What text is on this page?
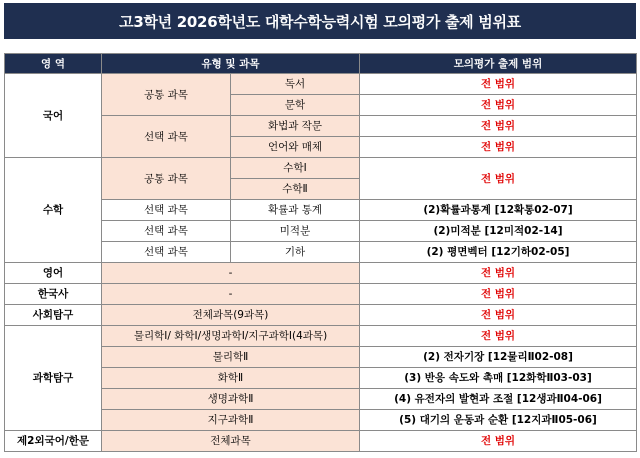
고3학년 2026학년도 대학수학능력시험 모의평가 출제 범위표
영 역	유형 및 과목		모의평가 출제 범위
국어	공통 과목	독서	전 범위
		문학	전 범위
	선택 과목	화법과 작문	전 범위
		언어와 매체	전 범위
수학	공통 과목	수학Ⅰ	전 범위
		수학Ⅱ	
	선택 과목	확률과 통계	(2)확률과통계 [12확통02-07]
	선택 과목	미적분	(2)미적분 [12미적02-14]
	선택 과목	기하	(2) 평면벡터 [12기하02-05]
영어	-		전 범위
한국사	-		전 범위
사회탐구	전체과목(9과목)		전 범위
과학탐구	물리학Ⅰ/ 화학Ⅰ/생명과학Ⅰ/지구과학Ⅰ(4과목)		전 범위
	물리학Ⅱ		(2) 전자기장 [12물리Ⅱ02-08]
	화학Ⅱ		(3) 반응 속도와 촉매 [12화학Ⅱ03-03]
	생명과학Ⅱ		(4) 유전자의 발현과 조절 [12생과Ⅱ04-06]
	지구과학Ⅱ		(5) 대기의 운동과 순환 [12지과Ⅱ05-06]
제2외국어/한문	전체과목		전 범위
